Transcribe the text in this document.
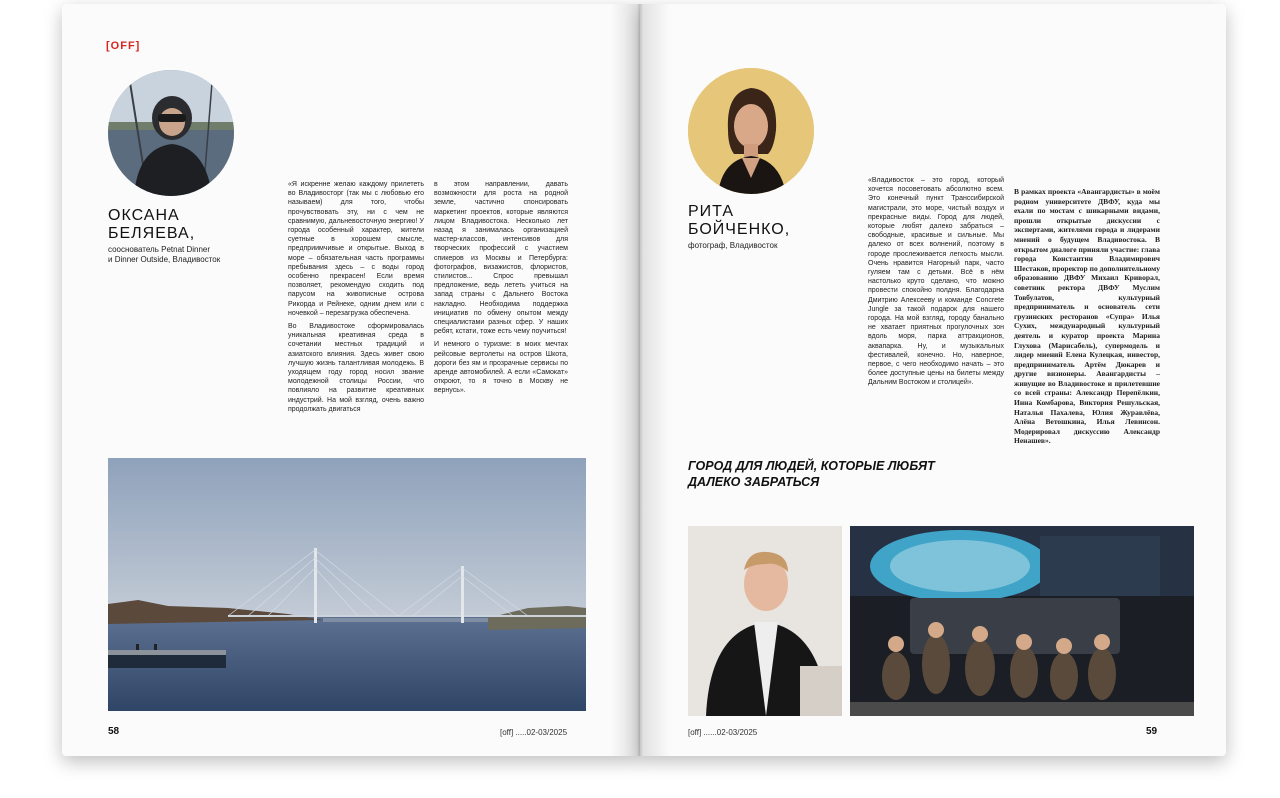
[OFF]
ОКСАНА
БЕЛЯЕВА,
сооснователь Petnat Dinner
и Dinner Outside, Владивосток

«Я искренне желаю каждому прилететь во Владивосторг (так мы с любовью его называем) для того, чтобы прочувствовать эту, ни с чем не сравнимую, дальневосточную энергию! У города особенный характер, жители суетные в хорошем смысле, предприимчивые и открытые. Выход в море – обязательная часть программы пребывания здесь – с воды город особенно прекрасен! Если время позволяет, рекомендую сходить под парусом на живописные острова Рикорда и Рейнеке, одним днем или с ночевкой – перезагрузка обеспечена.

Во Владивостоке сформировалась уникальная креативная среда в сочетании местных традиций и азиатского влияния. Здесь живет свою лучшую жизнь талантливая молодежь. В уходящем году город носил звание молодежной столицы России, что повлияло на развитие креативных индустрий. На мой взгляд, очень важно продолжать двигаться

в этом направлении, давать возможности для роста на родной земле, частично спонсировать маркетинг проектов, которые являются лицом Владивостока. Несколько лет назад я занималась организацией мастер-классов, интенсивов для творческих профессий с участием спикеров из Москвы и Петербурга: фотографов, визажистов, флористов, стилистов... Спрос превышал предложение, ведь лететь учиться на запад страны с Дальнего Востока накладно. Необходима поддержка инициатив по обмену опытом между специалистами разных сфер. У наших ребят, кстати, тоже есть чему поучиться!

И немного о туризме: в моих мечтах рейсовые вертолеты на остров Шкота, дороги без ям и прозрачные сервисы по аренде автомобилей. А если «Самокат» откроют, то я точно в Москву не вернусь».

58	[off] .....02-03/2025
РИТА
БОЙЧЕНКО,
фотограф, Владивосток

«Владивосток – это город, который хочется посоветовать абсолютно всем. Это конечный пункт Транссибирской магистрали, это море, чистый воздух и прекрасные виды. Город для людей, которые любят далеко забраться – свободные, красивые и сильные. Мы далеко от всех волнений, поэтому в городе прослеживается легкость мысли. Очень нравится Нагорный парк, часто гуляем там с детьми. Всё в нём настолько круто сделано, что можно провести спокойно полдня. Благодарна Дмитрию Алексееву и команде Concrete Jungle за такой подарок для нашего города. На мой взгляд, городу банально не хватает приятных прогулочных зон вдоль моря, парка аттракционов, аквапарка. Ну, и музыкальных фестивалей, конечно. Но, наверное, первое, с чего необходимо начать – это более доступные цены на билеты между Дальним Востоком и столицей».

В рамках проекта «Авангардисты» в моём родном университете ДВФУ, куда мы ехали по мостам с шикарными видами, прошли открытые дискуссии с экспертами, жителями города и лидерами мнений о будущем Владивостока. В открытом диалоге приняли участие: глава города Константин Владимирович Шестаков, проректор по дополнительному образованию ДВФУ Михаил Криворал, советник ректора ДВФУ Муслим Товбулатов, культурный предприниматель и основатель сети грузинских ресторанов «Супра» Илья Сухих, международный культурный деятель и куратор проекта Марина Глухова (Марисабель), супермодель и лидер мнений Елена Кулецкая, инвестор, предприниматель Артём Дюкарев и другие визионеры. Авангардисты – живущие во Владивостоке и прилетевшие со всей страны: Александр Перепёлкин, Инна Комбарова, Виктория Решульская, Наталья Пахалева, Юлия Журавлёва, Алёна Ветошкина, Илья Левинсон. Модерировал дискуссию Александр Ненашев».

ГОРОД ДЛЯ ЛЮДЕЙ, КОТОРЫЕ ЛЮБЯТ
ДАЛЕКО ЗАБРАТЬСЯ
[off] ......02-03/2025	59
